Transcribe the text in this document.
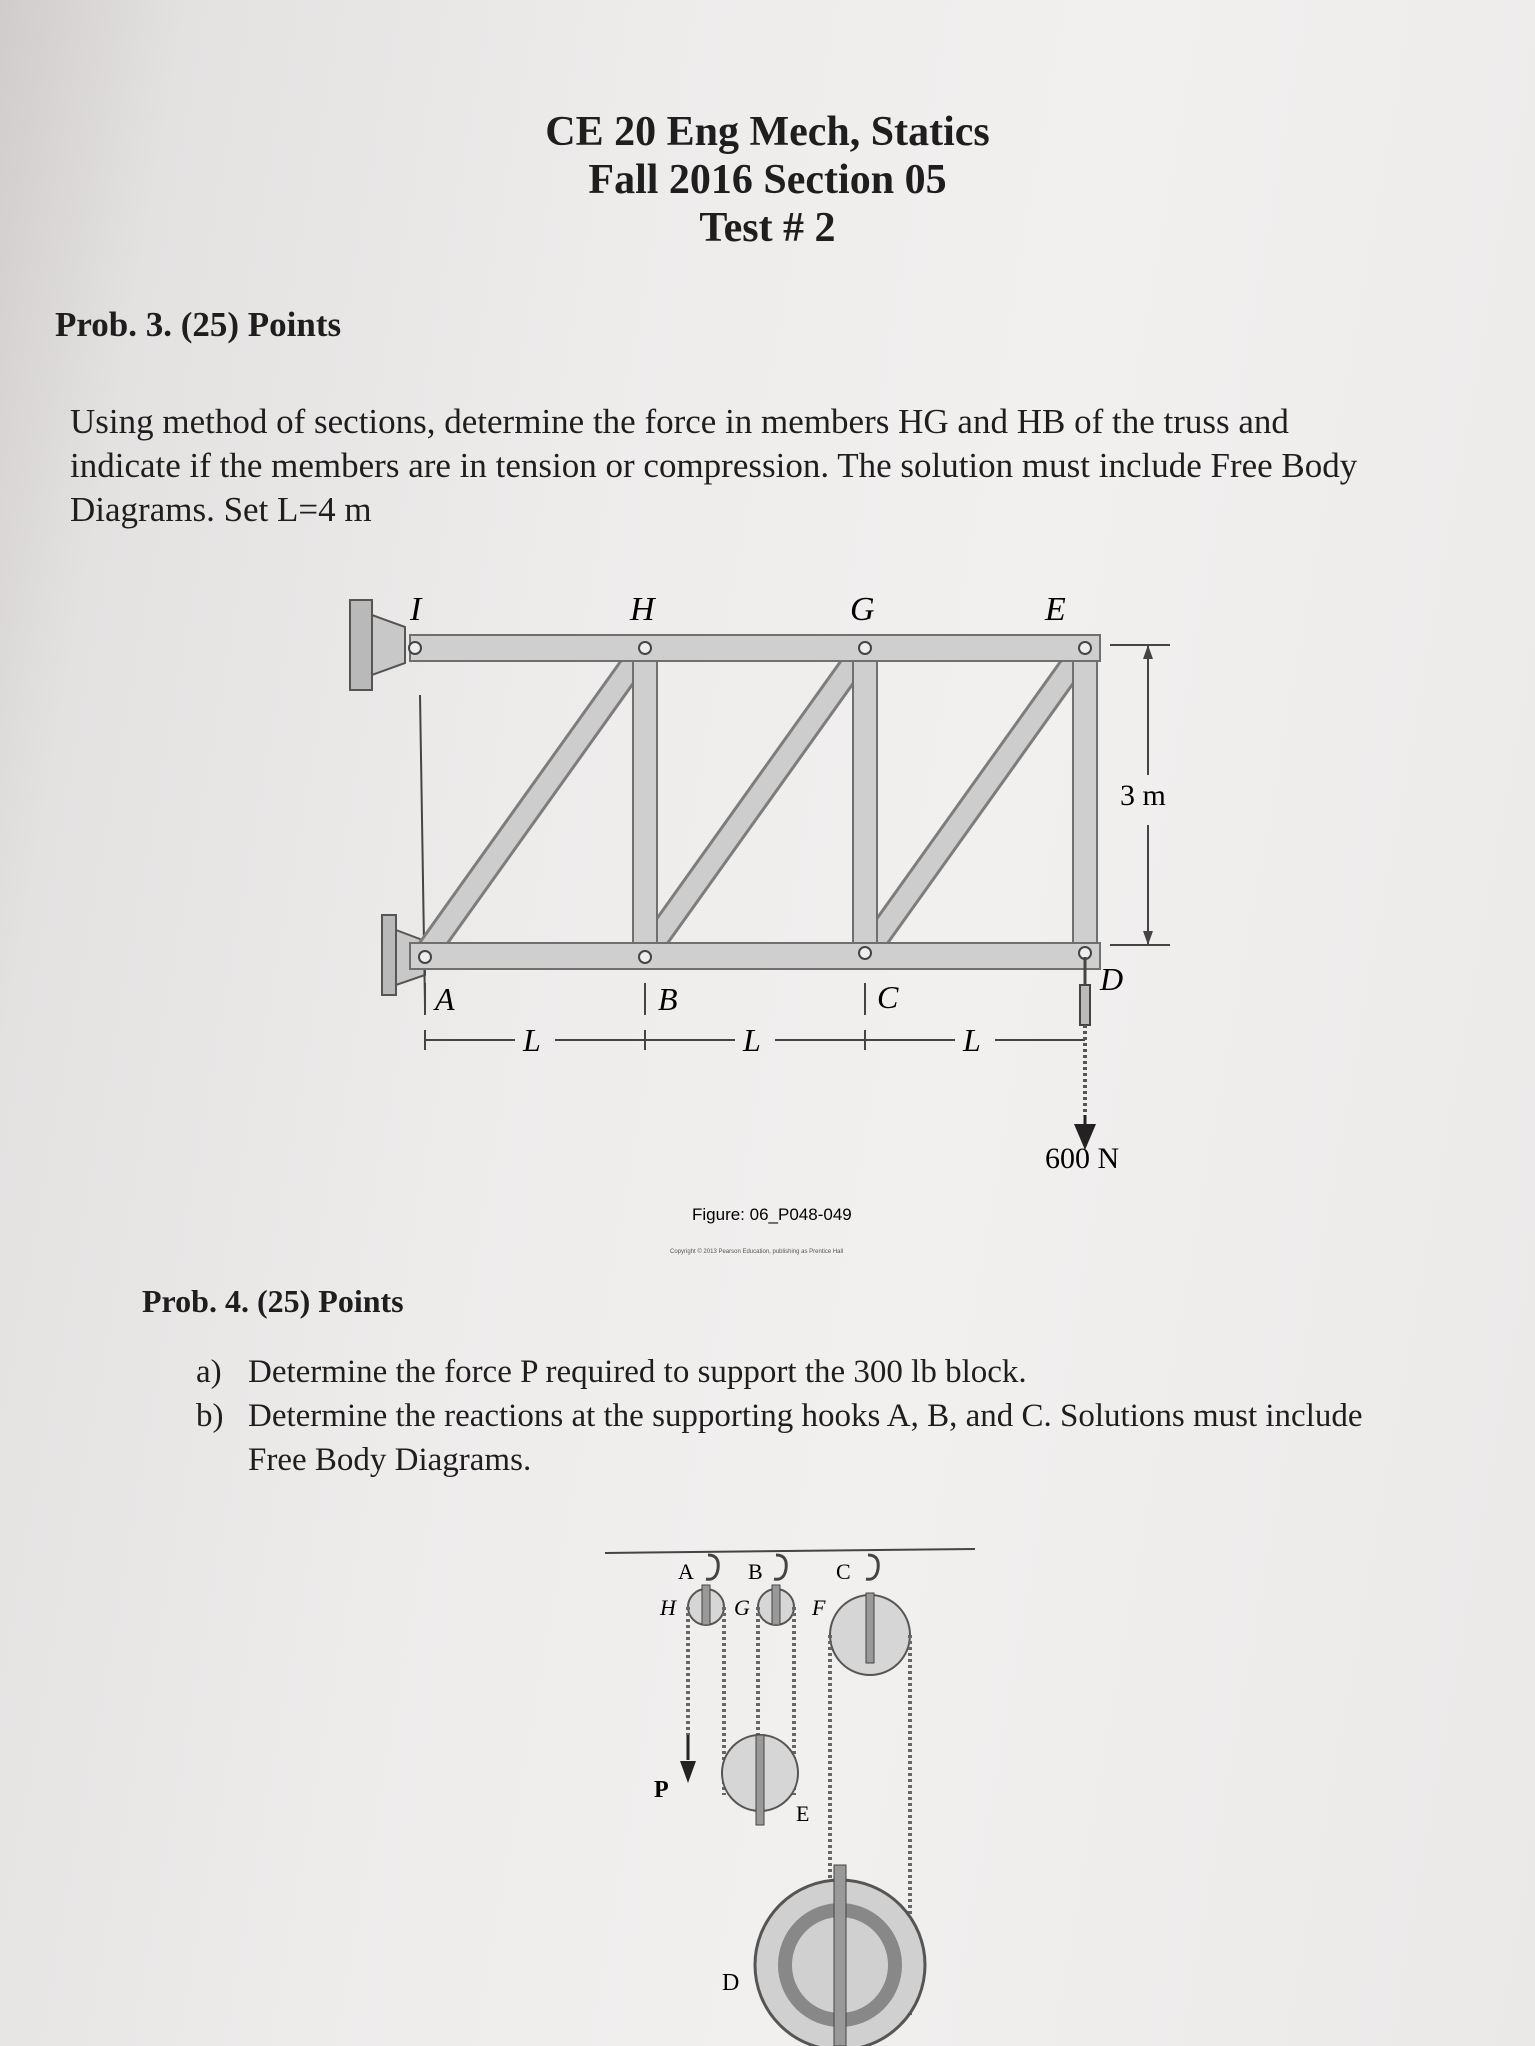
CE 20 Eng Mech, Statics
Fall 2016 Section 05
Test # 2
Prob. 3. (25) Points
Using method of sections, determine the force in members HG and HB of the truss and indicate if the members are in tension or compression. The solution must include Free Body Diagrams. Set L=4 m
I	H	G	E
A	B	C	D
L	L	L
3 m
600 N
Figure: 06_P048-049
Copyright © 2013 Pearson Education, publishing as Prentice Hall
Prob. 4. (25) Points
a) Determine the force P required to support the 300 lb block.
b) Determine the reactions at the supporting hooks A, B, and C. Solutions must include Free Body Diagrams.
A B	C
H	G	F
P
E
D
